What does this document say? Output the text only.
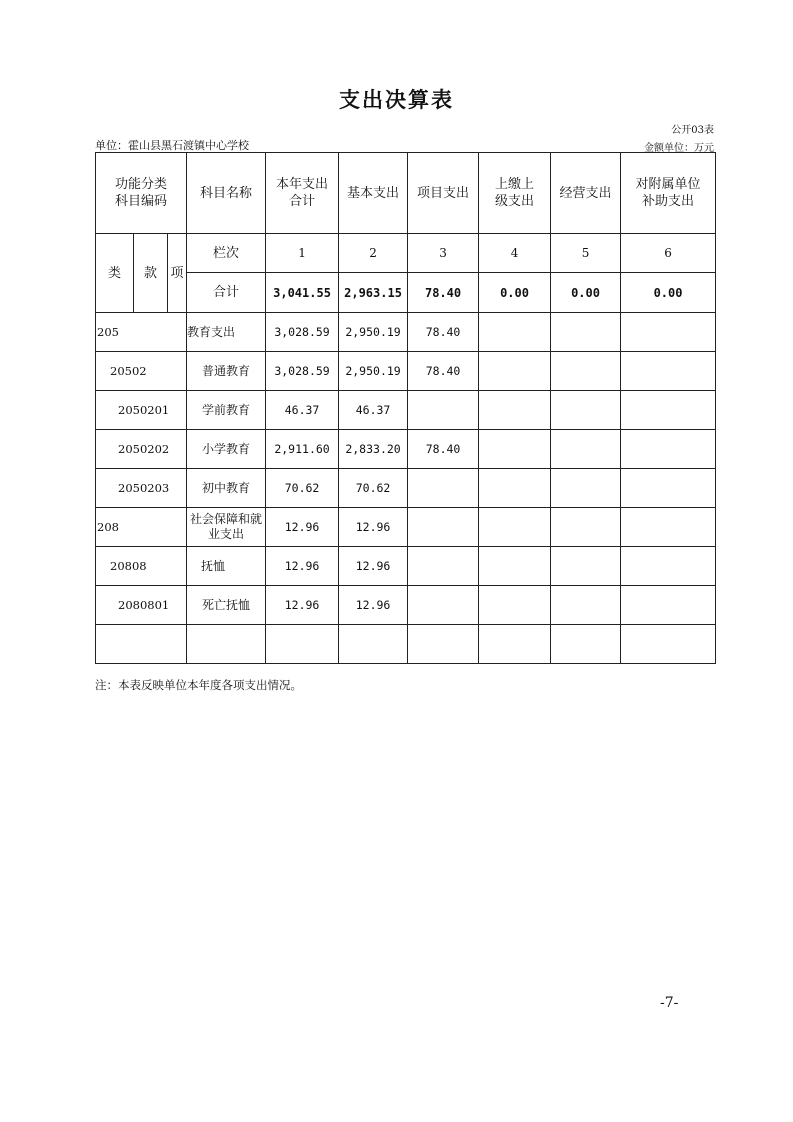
支出决算表
公开03表
单位：霍山县黑石渡镇中心学校	金额单位：万元
功能分类科目编码			科目名称	本年支出合计	基本支出	项目支出	上缴上级支出	经营支出	对附属单位补助支出
类	款	项	栏次	1	2	3	4	5	6
			合计	3,041.55	2,963.15	78.40	0.00	0.00	0.00
205			教育支出	3,028.59	2,950.19	78.40			
20502			普通教育	3,028.59	2,950.19	78.40			
2050201			学前教育	46.37	46.37				
2050202			小学教育	2,911.60	2,833.20	78.40			
2050203			初中教育	70.62	70.62				
208			社会保障和就业支出	12.96	12.96				
20808			抚恤	12.96	12.96				
2080801			死亡抚恤	12.96	12.96				

注：本表反映单位本年度各项支出情况。
-7-
